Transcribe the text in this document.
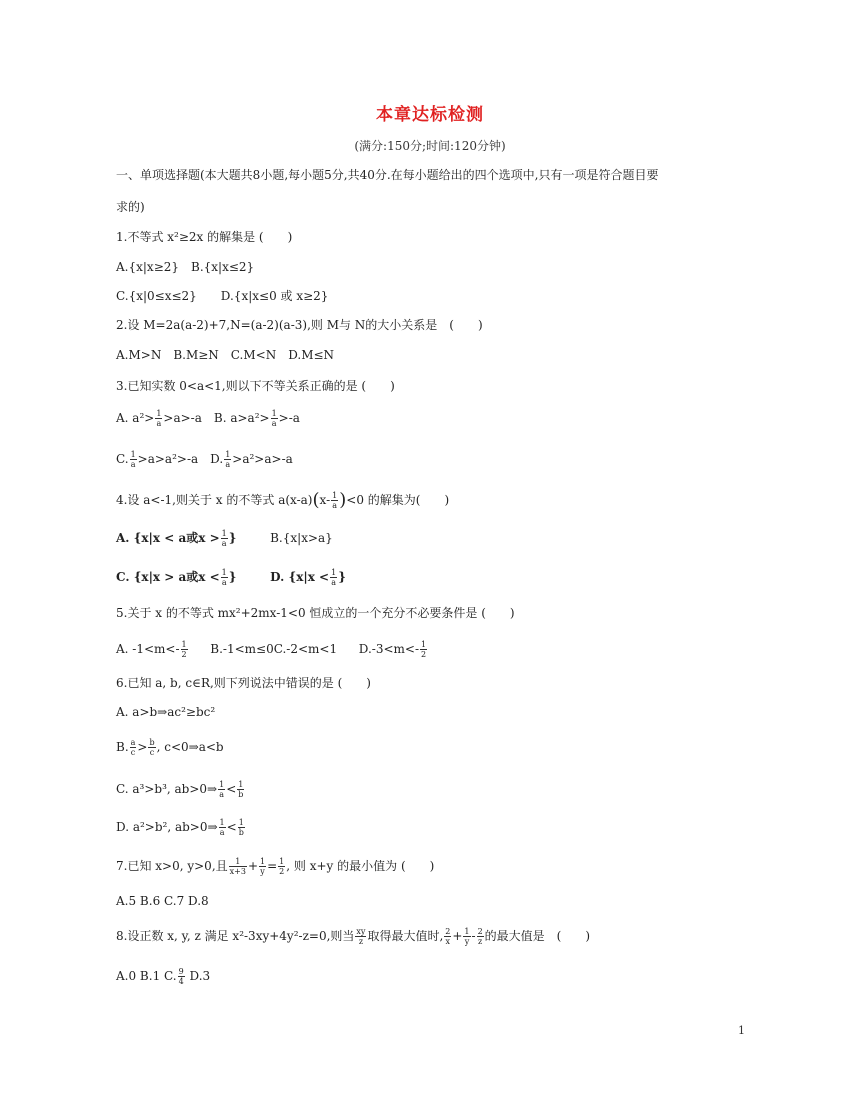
本章达标检测
(满分:150分;时间:120分钟)
一、单项选择题(本大题共8小题,每小题5分,共40分.在每小题给出的四个选项中,只有一项是符合题目要
求的)
1.不等式 x²≥2x 的解集是 (　　)
A.{x|x≥2}　B.{x|x≤2}
C.{x|0≤x≤2}　　D.{x|x≤0 或 x≥2}
2.设 M=2a(a-2)+7,N=(a-2)(a-3),则 M与 N的大小关系是　(　　)
A.M>N　B.M≥N　C.M<N　D.M≤N
3.已知实数 0<a<1,则以下不等关系正确的是 (　　)
A. $a^2> \frac{1}{a} >a>-a$　B. $a>a^2> \frac{1}{a} >-a$
C. $\frac{1}{a} >a>a^2>-a$　D. $\frac{1}{a} >a^2>a>-a$
4.设 a<-1,则关于 x 的不等式 $a(x-a)(x- \frac{1}{a} )<0$ 的解集为(　　)
A. {x|x < a或$x > \frac{1}{a}$ }	B.{x|x>a}
C. {x|x > a或$x < \frac{1}{a}$ }	D. {$x|x < \frac{1}{a}$ }
5.关于 x 的不等式 mx²+2mx-1<0 恒成立的一个充分不必要条件是 (　　)
A. $-1<m<- \frac{1}{2} B.-1<m\le 0C.-2<m<1$ $D.-3<m<- \frac{1}{2}$
6.已知 a, b, c∈R,则下列说法中错误的是 (　　)
A. a>b⇒ac²≥bc²
B. $\frac{a}{c} > \frac{b}{c}$ , c<0⇒a<b
C. a³>b³, ab>0⇒ $\frac{1}{a} < \frac{1}{b}$
D. a²>b², ab>0⇒ $\frac{1}{a} < \frac{1}{b}$
7.已知 x>0, y>0,且 $\frac{1}{x+3} + \frac{1}{y} = \frac{1}{2}$ , 则 x+y 的最小值为 (　　)
A.5 B.6 C.7 D.8
8.设正数 x, y, z 满足 x²-3xy+4y²-z=0,则当 $\frac{xy}{z}$ 取得最大值时, $\frac{2}{x} + \frac{1}{y} - \frac{2}{z}$ 的最大值是　(　　)
A.0 B.1 C. $\frac{9}{4} D.3$
1
